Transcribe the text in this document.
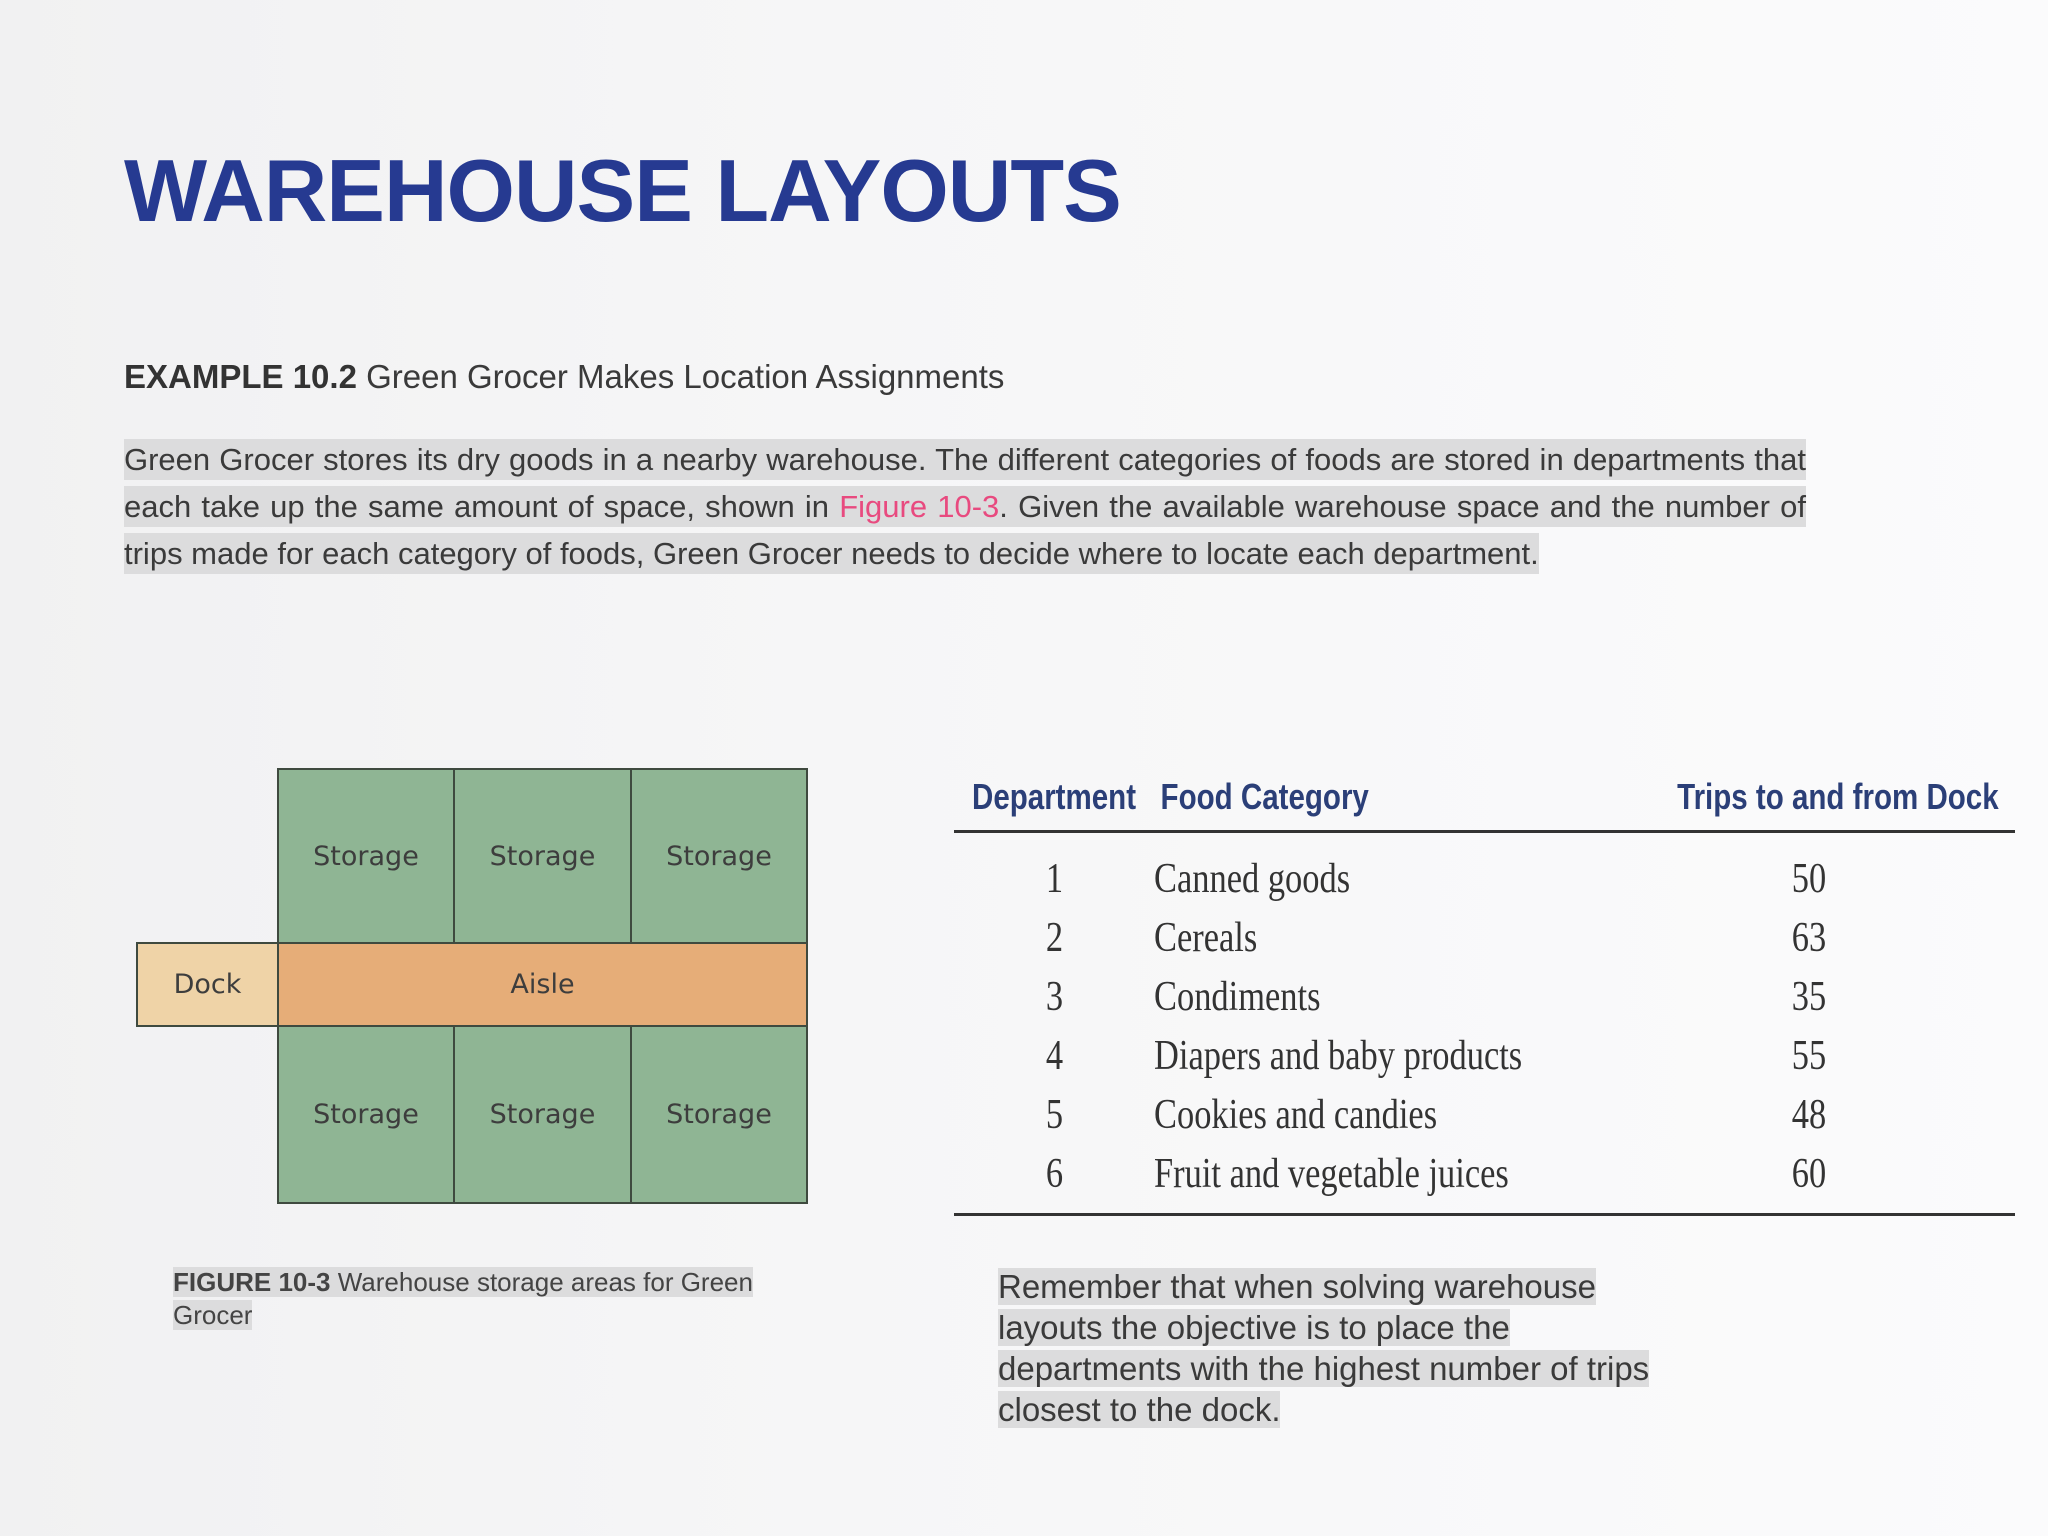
WAREHOUSE LAYOUTS
EXAMPLE 10.2 Green Grocer Makes Location Assignments

Green Grocer stores its dry goods in a nearby warehouse. The different categories of foods are stored in departments that each take up the same amount of space, shown in Figure 10-3. Given the available warehouse space and the number of trips made for each category of foods, Green Grocer needs to decide where to locate each department.

Storage	Storage	Storage
Dock	Aisle
Storage	Storage	Storage
FIGURE 10-3 Warehouse storage areas for Green Grocer
Department	Food Category	Trips to and from Dock
1	Canned goods	50
2	Cereals	63
3	Condiments	35
4	Diapers and baby products	55
5	Cookies and candies	48
6	Fruit and vegetable juices	60
Remember that when solving warehouse layouts the objective is to place the departments with the highest number of trips closest to the dock.
